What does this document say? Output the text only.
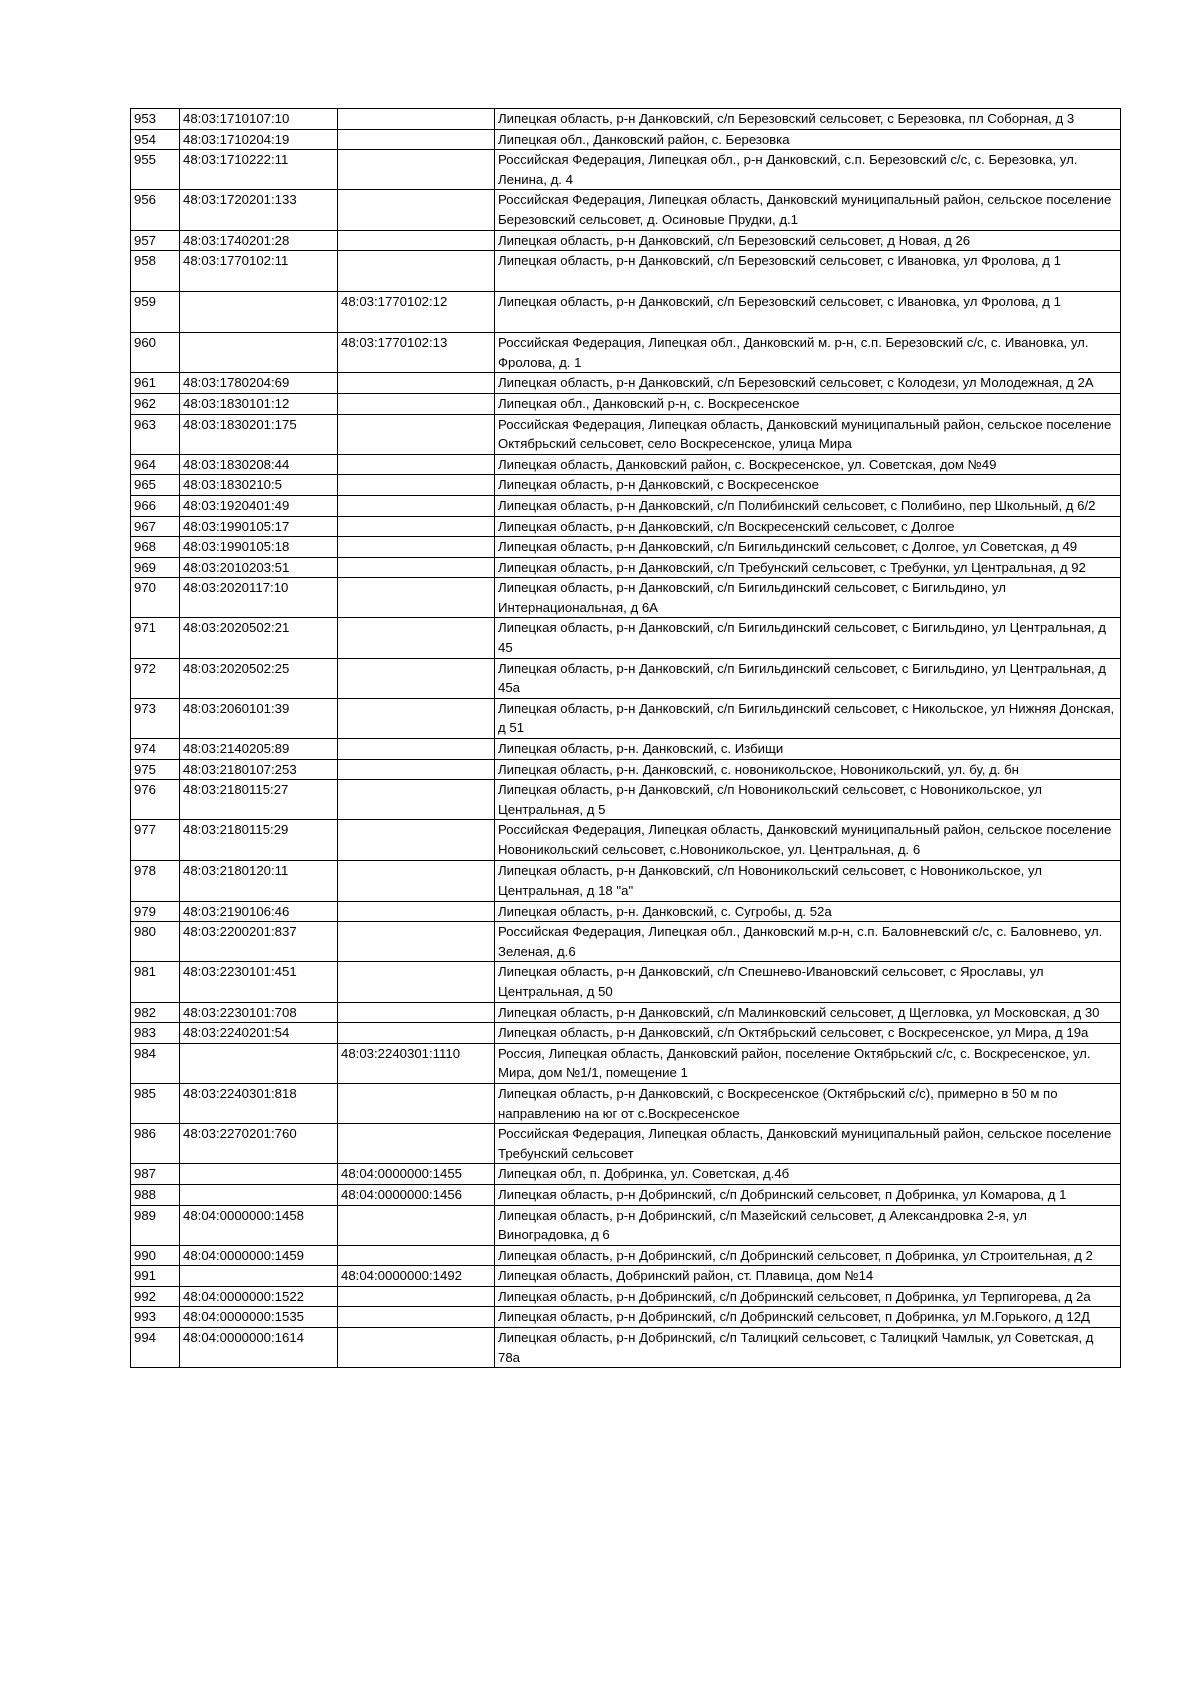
953	48:03:1710107:10		Липецкая область, р-н Данковский, с/п Березовский сельсовет, с Березовка, пл Соборная, д 3
954	48:03:1710204:19		Липецкая обл., Данковский район, с. Березовка
955	48:03:1710222:11		Российская Федерация, Липецкая обл., р-н Данковский, с.п. Березовский с/с, с. Березовка, ул. Ленина, д. 4
956	48:03:1720201:133		Российская Федерация, Липецкая область, Данковский муниципальный район, сельское поселение Березовский сельсовет, д. Осиновые Прудки, д.1
957	48:03:1740201:28		Липецкая область, р-н Данковский, с/п Березовский сельсовет, д Новая, д 26
958	48:03:1770102:11		Липецкая область, р-н Данковский, с/п Березовский сельсовет, с Ивановка, ул Фролова, д 1
959		48:03:1770102:12	Липецкая область, р-н Данковский, с/п Березовский сельсовет, с Ивановка, ул Фролова, д 1
960		48:03:1770102:13	Российская Федерация, Липецкая обл., Данковский м. р-н, с.п. Березовский с/с, с. Ивановка, ул. Фролова, д. 1
961	48:03:1780204:69		Липецкая область, р-н Данковский, с/п Березовский сельсовет, с Колодези, ул Молодежная, д 2А
962	48:03:1830101:12		Липецкая обл., Данковский р-н, с. Воскресенское
963	48:03:1830201:175		Российская Федерация, Липецкая область, Данковский муниципальный район, сельское поселение Октябрьский сельсовет, село Воскресенское, улица Мира
964	48:03:1830208:44		Липецкая область, Данковский район, с. Воскресенское, ул. Советская, дом №49
965	48:03:1830210:5		Липецкая область, р-н Данковский, с Воскресенское
966	48:03:1920401:49		Липецкая область, р-н Данковский, с/п Полибинский сельсовет, с Полибино, пер Школьный, д 6/2
967	48:03:1990105:17		Липецкая область, р-н Данковский, с/п Воскресенский сельсовет, с Долгое
968	48:03:1990105:18		Липецкая область, р-н Данковский, с/п Бигильдинский сельсовет, с Долгое, ул Советская, д 49
969	48:03:2010203:51		Липецкая область, р-н Данковский, с/п Требунский сельсовет, с Требунки, ул Центральная, д 92
970	48:03:2020117:10		Липецкая область, р-н Данковский, с/п Бигильдинский сельсовет, с Бигильдино, ул Интернациональная, д 6А
971	48:03:2020502:21		Липецкая область, р-н Данковский, с/п Бигильдинский сельсовет, с Бигильдино, ул Центральная, д 45
972	48:03:2020502:25		Липецкая область, р-н Данковский, с/п Бигильдинский сельсовет, с Бигильдино, ул Центральная, д 45а
973	48:03:2060101:39		Липецкая область, р-н Данковский, с/п Бигильдинский сельсовет, с Никольское, ул Нижняя Донская, д 51
974	48:03:2140205:89		Липецкая область, р-н. Данковский, с. Избищи
975	48:03:2180107:253		Липецкая область, р-н. Данковский, с. новоникольское, Новоникольский, ул. бу, д. бн
976	48:03:2180115:27		Липецкая область, р-н Данковский, с/п Новоникольский сельсовет, с Новоникольское, ул Центральная, д 5
977	48:03:2180115:29		Российская Федерация, Липецкая область, Данковский муниципальный район, сельское поселение Новоникольский сельсовет, с.Новоникольское, ул. Центральная, д. 6
978	48:03:2180120:11		Липецкая область, р-н Данковский, с/п Новоникольский сельсовет, с Новоникольское, ул Центральная, д 18 "а"
979	48:03:2190106:46		Липецкая область, р-н. Данковский, с. Сугробы, д. 52а
980	48:03:2200201:837		Российская Федерация, Липецкая обл., Данковский м.р-н, с.п. Баловневский с/с, с. Баловнево, ул. Зеленая, д.6
981	48:03:2230101:451		Липецкая область, р-н Данковский, с/п Спешнево-Ивановский сельсовет, с Ярославы, ул Центральная, д 50
982	48:03:2230101:708		Липецкая область, р-н Данковский, с/п Малинковский сельсовет, д Щегловка, ул Московская, д 30
983	48:03:2240201:54		Липецкая область, р-н Данковский, с/п Октябрьский сельсовет, с Воскресенское, ул Мира, д 19а
984		48:03:2240301:1110	Россия, Липецкая область, Данковский район, поселение Октябрьский с/с, с. Воскресенское, ул. Мира, дом №1/1, помещение 1
985	48:03:2240301:818		Липецкая область, р-н Данковский, с Воскресенское (Октябрьский с/с), примерно в 50 м по направлению на юг от с.Воскресенское
986	48:03:2270201:760		Российская Федерация, Липецкая область, Данковский муниципальный район, сельское поселение Требунский сельсовет
987		48:04:0000000:1455	Липецкая обл, п. Добринка, ул. Советская, д.4б
988		48:04:0000000:1456	Липецкая область, р-н Добринский, с/п Добринский сельсовет, п Добринка, ул Комарова, д 1
989	48:04:0000000:1458		Липецкая область, р-н Добринский, с/п Мазейский сельсовет, д Александровка 2-я, ул Виноградовка, д 6
990	48:04:0000000:1459		Липецкая область, р-н Добринский, с/п Добринский сельсовет, п Добринка, ул Строительная, д 2
991		48:04:0000000:1492	Липецкая область, Добринский район, ст. Плавица, дом №14
992	48:04:0000000:1522		Липецкая область, р-н Добринский, с/п Добринский сельсовет, п Добринка, ул Терпигорева, д 2а
993	48:04:0000000:1535		Липецкая область, р-н Добринский, с/п Добринский сельсовет, п Добринка, ул М.Горького, д 12Д
994	48:04:0000000:1614		Липецкая область, р-н Добринский, с/п Талицкий сельсовет, с Талицкий Чамлык, ул Советская, д 78а
